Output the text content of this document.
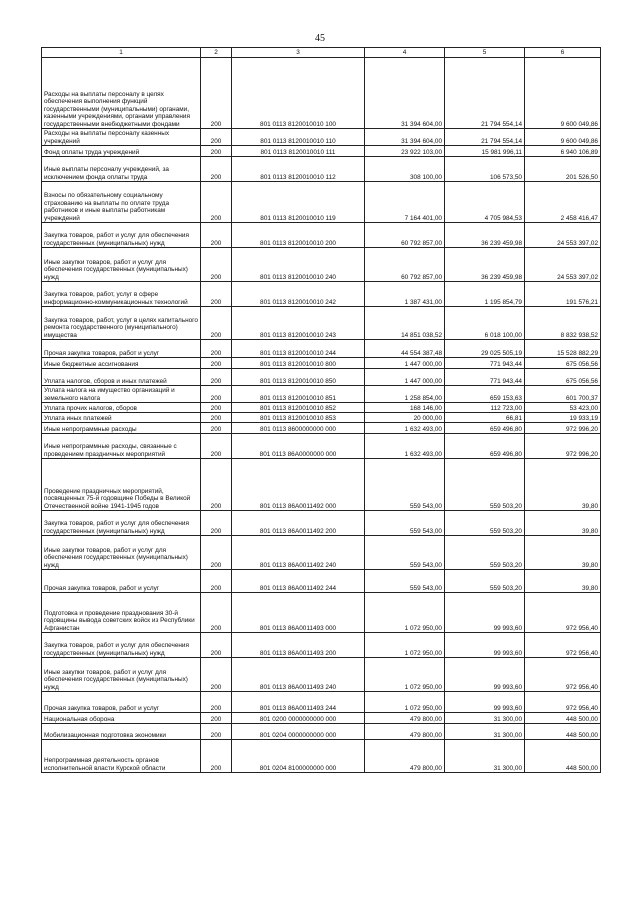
45
1	2	3	4	5	6
Расходы на выплаты персоналу в целях обеспечения выполнения функций государственными (муниципальными) органами, казенными учреждениями, органами управления государственными внебюджетными фондами	200	801 0113 8120010010 100	31 394 604,00	21 794 554,14	9 600 049,86
Расходы на выплаты персоналу казенных учреждений	200	801 0113 8120010010 110	31 394 604,00	21 794 554,14	9 600 049,86
Фонд оплаты труда учреждений	200	801 0113 8120010010 111	23 922 103,00	15 981 996,11	6 940 106,89
Иные выплаты персоналу учреждений, за исключением фонда оплаты труда	200	801 0113 8120010010 112	308 100,00	106 573,50	201 526,50
Взносы по обязательному социальному страхованию на выплаты по оплате труда работников и иные выплаты работникам учреждений	200	801 0113 8120010010 119	7 164 401,00	4 705 984,53	2 458 416,47
Закупка товаров, работ и услуг для обеспечения государственных (муниципальных) нужд	200	801 0113 8120010010 200	60 792 857,00	36 239 459,98	24 553 397,02
Иные закупки товаров, работ и услуг для обеспечения государственных (муниципальных) нужд	200	801 0113 8120010010 240	60 792 857,00	36 239 459,98	24 553 397,02
Закупка товаров, работ, услуг в сфере информационно-коммуникационных технологий	200	801 0113 8120010010 242	1 387 431,00	1 195 854,79	191 576,21
Закупка товаров, работ, услуг в целях капитального ремонта государственного (муниципального) имущества	200	801 0113 8120010010 243	14 851 038,52	6 018 100,00	8 832 938,52
Прочая закупка товаров, работ и услуг	200	801 0113 8120010010 244	44 554 387,48	29 025 505,19	15 528 882,29
Иные бюджетные ассигнования	200	801 0113 8120010010 800	1 447 000,00	771 943,44	675 056,56
Уплата налогов, сборов и иных платежей	200	801 0113 8120010010 850	1 447 000,00	771 943,44	675 056,56
Уплата налога на имущество организаций и земельного налога	200	801 0113 8120010010 851	1 258 854,00	659 153,63	601 700,37
Уплата прочих налогов, сборов	200	801 0113 8120010010 852	168 146,00	112 723,00	53 423,00
Уплата иных платежей	200	801 0113 8120010010 853	20 000,00	66,81	19 933,19
Иные непрограммные расходы	200	801 0113 8600000000 000	1 632 493,00	659 496,80	972 996,20
Иные непрограммные расходы, связанные с проведением праздничных мероприятий	200	801 0113 86A0000000 000	1 632 493,00	659 496,80	972 996,20
Проведение праздничных мероприятий, посвященных 75-й годовщине Победы в Великой Отечественной войне 1941-1945 годов	200	801 0113 86A0011492 000	559 543,00	559 503,20	39,80
Закупка товаров, работ и услуг для обеспечения государственных (муниципальных) нужд	200	801 0113 86A0011492 200	559 543,00	559 503,20	39,80
Иные закупки товаров, работ и услуг для обеспечения государственных (муниципальных) нужд	200	801 0113 86A0011492 240	559 543,00	559 503,20	39,80
Прочая закупка товаров, работ и услуг	200	801 0113 86A0011492 244	559 543,00	559 503,20	39,80
Подготовка и проведение празднования 30-й годовщины вывода советских войск из Республики Афганистан	200	801 0113 86A0011493 000	1 072 950,00	99 993,60	972 956,40
Закупка товаров, работ и услуг для обеспечения государственных (муниципальных) нужд	200	801 0113 86A0011493 200	1 072 950,00	99 993,60	972 956,40
Иные закупки товаров, работ и услуг для обеспечения государственных (муниципальных) нужд	200	801 0113 86A0011493 240	1 072 950,00	99 993,60	972 956,40
Прочая закупка товаров, работ и услуг	200	801 0113 86A0011493 244	1 072 950,00	99 993,60	972 956,40
Национальная оборона	200	801 0200 0000000000 000	479 800,00	31 300,00	448 500,00
Мобилизационная подготовка экономики	200	801 0204 0000000000 000	479 800,00	31 300,00	448 500,00
Непрограммная деятельность органов исполнительной власти Курской области	200	801 0204 8100000000 000	479 800,00	31 300,00	448 500,00
